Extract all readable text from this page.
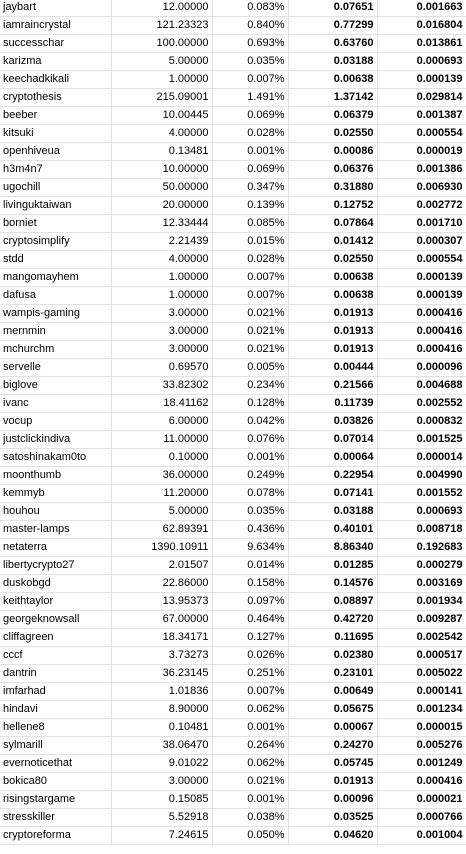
jaybart	12.00000	0.083%	0.07651	0.001663
iamraincrystal	121.23323	0.840%	0.77299	0.016804
successchar	100.00000	0.693%	0.63760	0.013861
karizma	5.00000	0.035%	0.03188	0.000693
keechadkikali	1.00000	0.007%	0.00638	0.000139
cryptothesis	215.09001	1.491%	1.37142	0.029814
beeber	10.00445	0.069%	0.06379	0.001387
kitsuki	4.00000	0.028%	0.02550	0.000554
openhiveua	0.13481	0.001%	0.00086	0.000019
h3m4n7	10.00000	0.069%	0.06376	0.001386
ugochill	50.00000	0.347%	0.31880	0.006930
livinguktaiwan	20.00000	0.139%	0.12752	0.002772
borniet	12.33444	0.085%	0.07864	0.001710
cryptosimplify	2.21439	0.015%	0.01412	0.000307
stdd	4.00000	0.028%	0.02550	0.000554
mangomayhem	1.00000	0.007%	0.00638	0.000139
dafusa	1.00000	0.007%	0.00638	0.000139
wampis-gaming	3.00000	0.021%	0.01913	0.000416
mernmin	3.00000	0.021%	0.01913	0.000416
mchurchm	3.00000	0.021%	0.01913	0.000416
servelle	0.69570	0.005%	0.00444	0.000096
biglove	33.82302	0.234%	0.21566	0.004688
ivanc	18.41162	0.128%	0.11739	0.002552
vocup	6.00000	0.042%	0.03826	0.000832
justclickindiva	11.00000	0.076%	0.07014	0.001525
satoshinakam0to	0.10000	0.001%	0.00064	0.000014
moonthumb	36.00000	0.249%	0.22954	0.004990
kemmyb	11.20000	0.078%	0.07141	0.001552
houhou	5.00000	0.035%	0.03188	0.000693
master-lamps	62.89391	0.436%	0.40101	0.008718
netaterra	1390.10911	9.634%	8.86340	0.192683
libertycrypto27	2.01507	0.014%	0.01285	0.000279
duskobgd	22.86000	0.158%	0.14576	0.003169
keithtaylor	13.95373	0.097%	0.08897	0.001934
georgeknowsall	67.00000	0.464%	0.42720	0.009287
cliffagreen	18.34171	0.127%	0.11695	0.002542
cccf	3.73273	0.026%	0.02380	0.000517
dantrin	36.23145	0.251%	0.23101	0.005022
imfarhad	1.01836	0.007%	0.00649	0.000141
hindavi	8.90000	0.062%	0.05675	0.001234
hellene8	0.10481	0.001%	0.00067	0.000015
sylmarill	38.06470	0.264%	0.24270	0.005276
evernoticethat	9.01022	0.062%	0.05745	0.001249
bokica80	3.00000	0.021%	0.01913	0.000416
risingstargame	0.15085	0.001%	0.00096	0.000021
stresskiller	5.52918	0.038%	0.03525	0.000766
cryptoreforma	7.24615	0.050%	0.04620	0.001004
